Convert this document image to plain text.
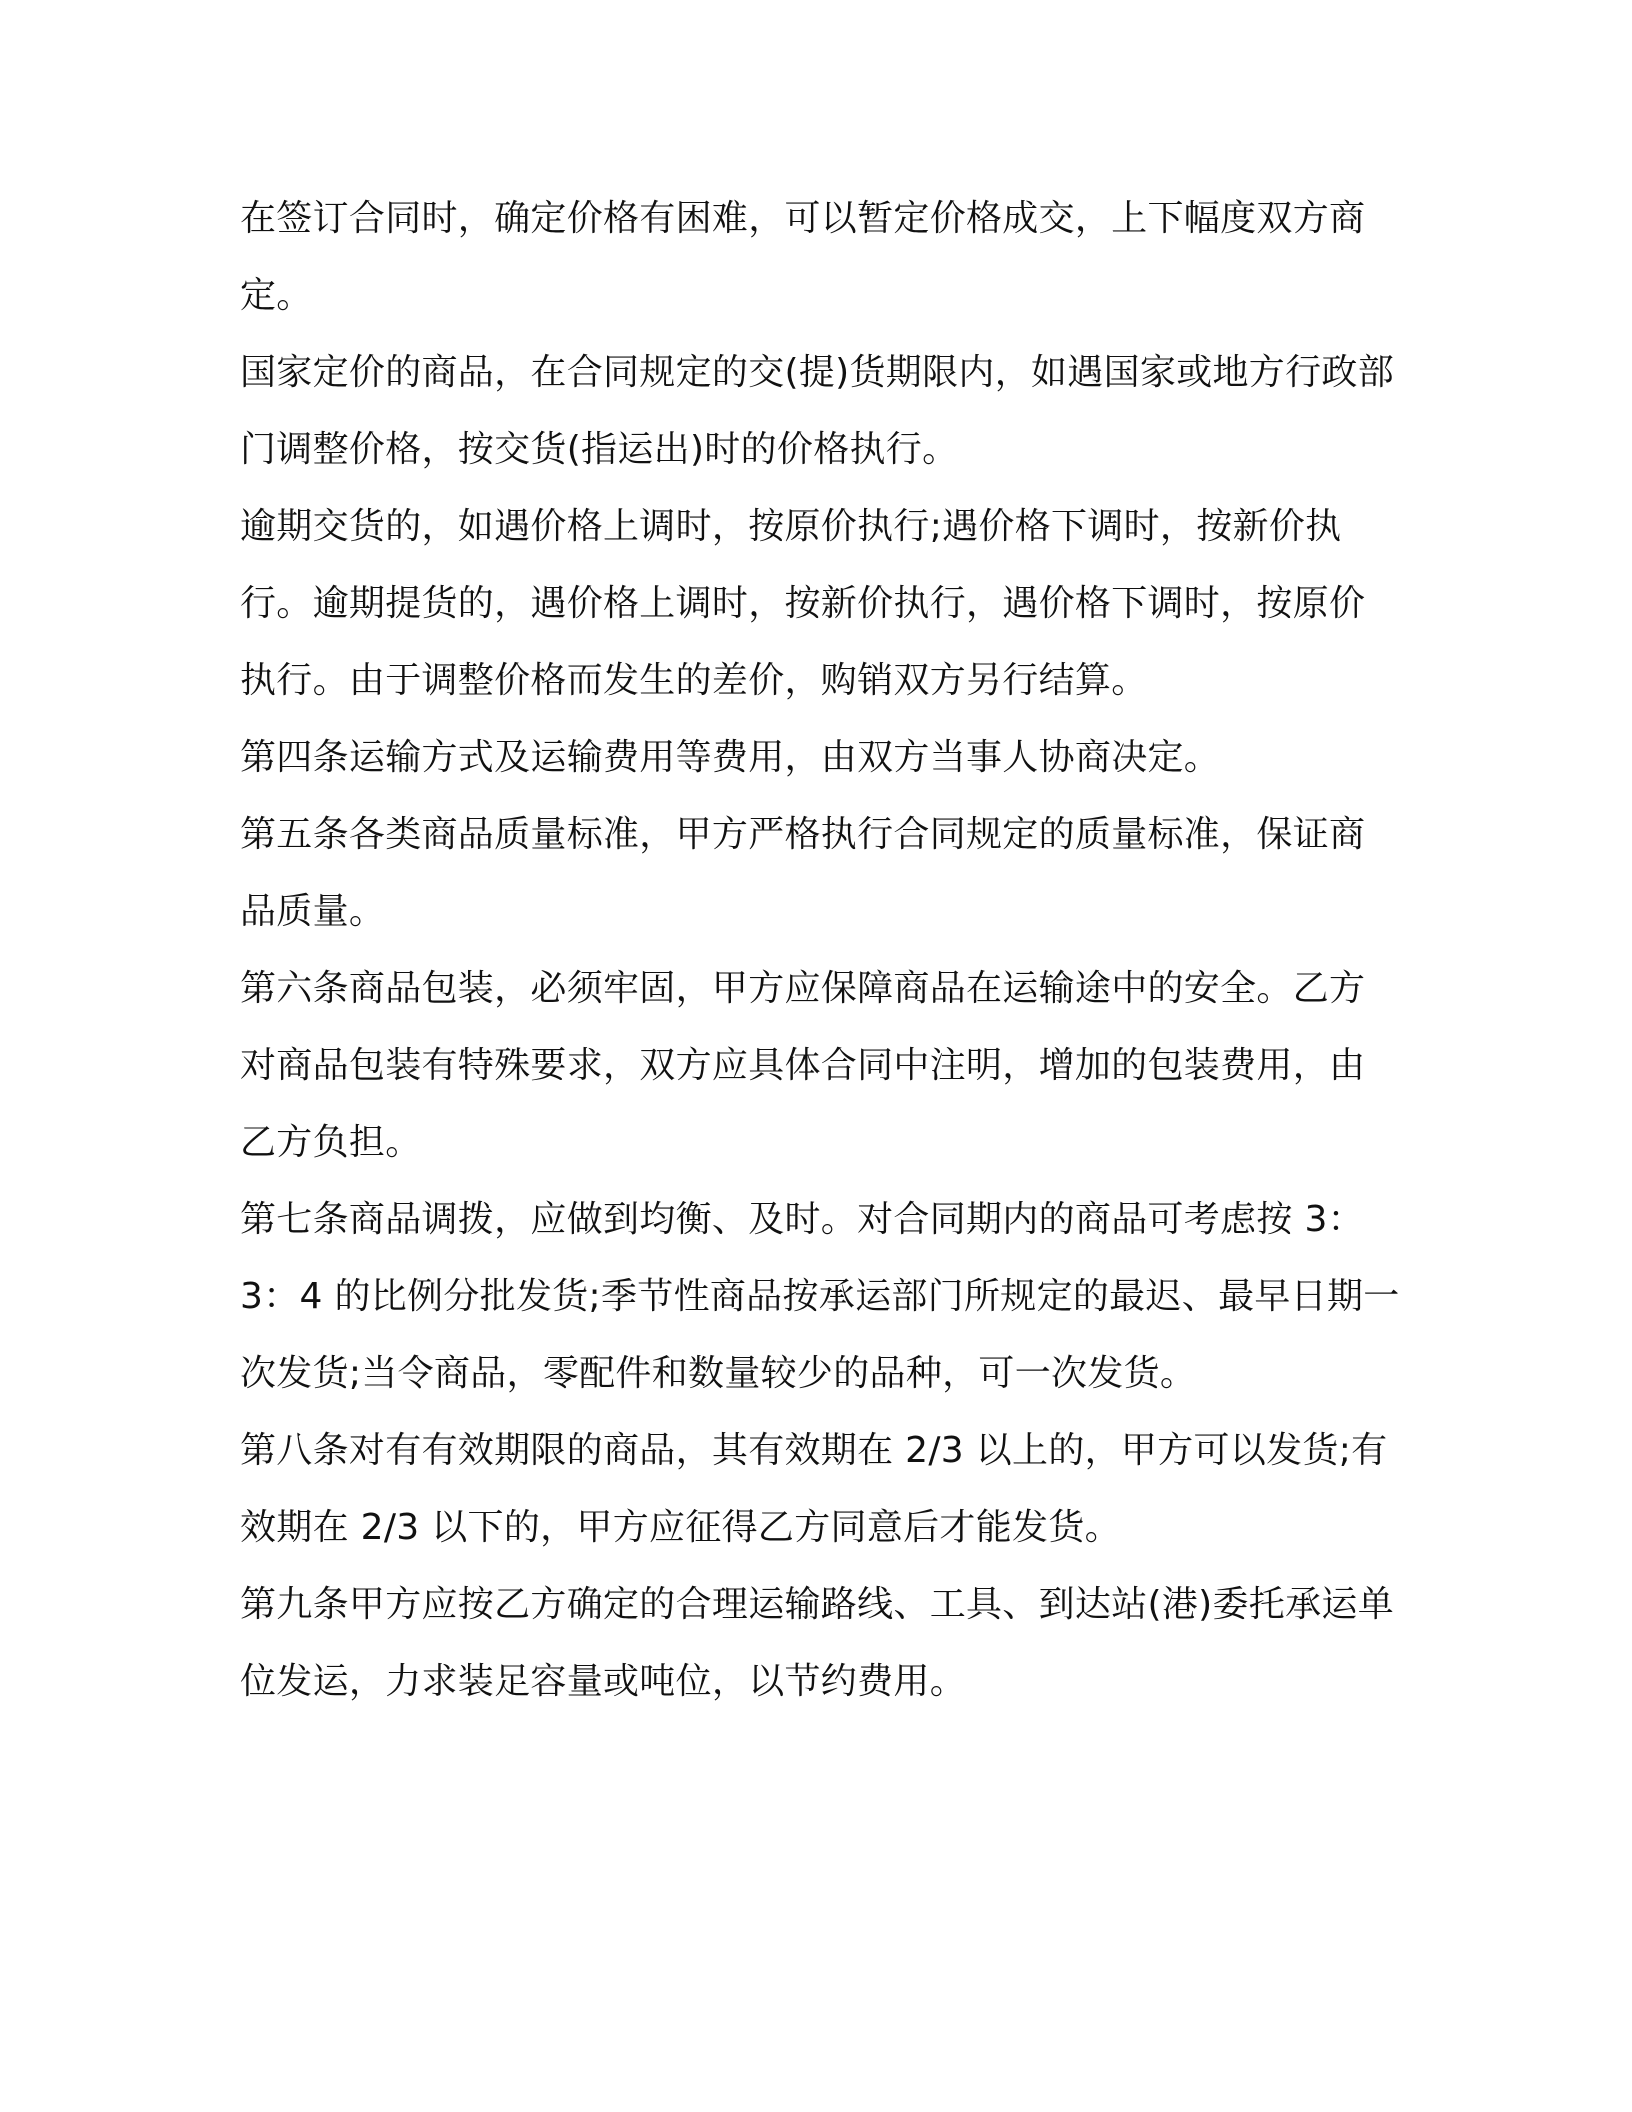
在签订合同时，确定价格有困难，可以暂定价格成交，上下幅度双方商定。

国家定价的商品，在合同规定的交(提)货期限内，如遇国家或地方行政部门调整价格，按交货(指运出)时的价格执行。

逾期交货的，如遇价格上调时，按原价执行;遇价格下调时，按新价执行。逾期提货的，遇价格上调时，按新价执行，遇价格下调时，按原价执行。由于调整价格而发生的差价，购销双方另行结算。

第四条运输方式及运输费用等费用，由双方当事人协商决定。

第五条各类商品质量标准，甲方严格执行合同规定的质量标准，保证商品质量。

第六条商品包装，必须牢固，甲方应保障商品在运输途中的安全。乙方对商品包装有特殊要求，双方应具体合同中注明，增加的包装费用，由乙方负担。

第七条商品调拨，应做到均衡、及时。对合同期内的商品可考虑按 3：3：4 的比例分批发货;季节性商品按承运部门所规定的最迟、最早日期一次发货;当令商品，零配件和数量较少的品种，可一次发货。

第八条对有有效期限的商品，其有效期在 2/3 以上的，甲方可以发货;有效期在 2/3 以下的，甲方应征得乙方同意后才能发货。

第九条甲方应按乙方确定的合理运输路线、工具、到达站(港)委托承运单位发运，力求装足容量或吨位，以节约费用。
